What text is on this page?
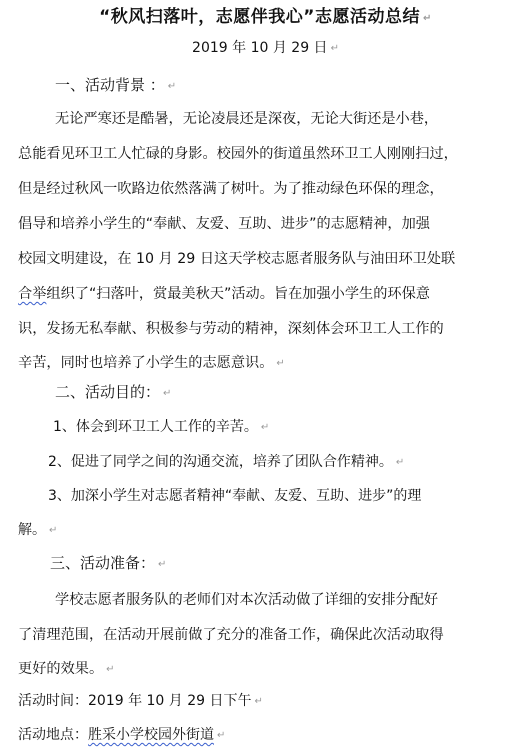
“秋风扫落叶，志愿伴我心”志愿活动总结↵
2019 年 10 月 29 日↵
一、活动背景 ：↵
无论严寒还是酷暑，无论凌晨还是深夜，无论大街还是小巷，
总能看见环卫工人忙碌的身影。校园外的街道虽然环卫工人刚刚扫过，
但是经过秋风一吹路边依然落满了树叶。为了推动绿色环保的理念，
倡导和培养小学生的“奉献、友爱、互助、进步”的志愿精神，加强
校园文明建设，在 10 月 29 日这天学校志愿者服务队与油田环卫处联
合举组织了“扫落叶，赏最美秋天”活动。旨在加强小学生的环保意
识，发扬无私奉献、积极参与劳动的精神，深刻体会环卫工人工作的
辛苦，同时也培养了小学生的志愿意识。↵
二、活动目的：↵
1、体会到环卫工人工作的辛苦。↵
2、促进了同学之间的沟通交流，培养了团队合作精神。↵
3、加深小学生对志愿者精神“奉献、友爱、互助、进步”的理
解。↵
三、活动准备：↵
学校志愿者服务队的老师们对本次活动做了详细的安排分配好
了清理范围，在活动开展前做了充分的准备工作，确保此次活动取得
更好的效果。↵
活动时间：2019 年 10 月 29 日下午↵
活动地点：胜采小学校园外街道↵
